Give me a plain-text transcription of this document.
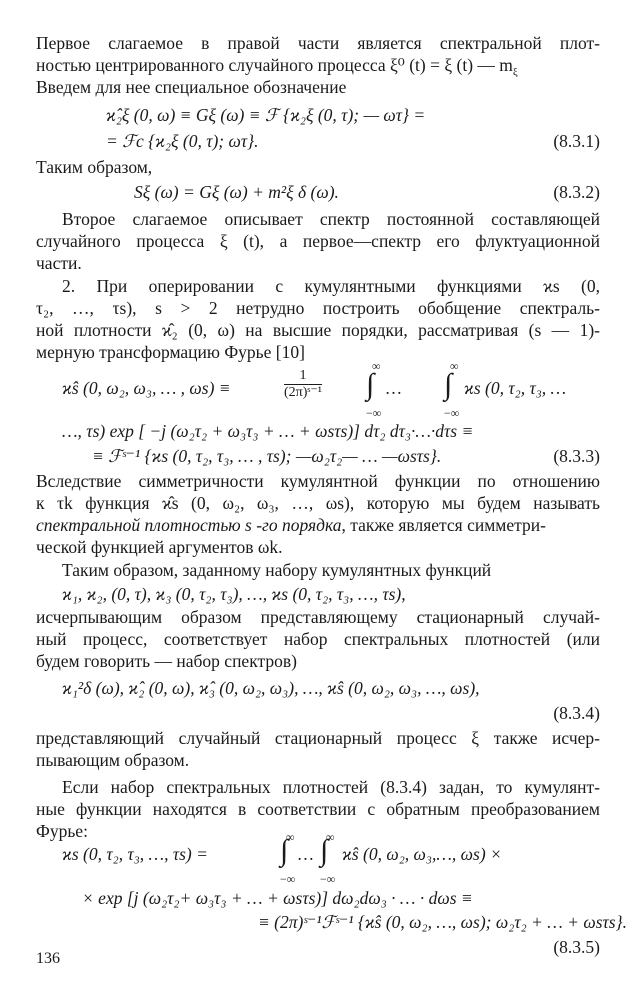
Первое слагаемое в правой части является спектральной плот-
ностью центрированного случайного процесса ξ⁰ (t) = ξ (t) — $m_\xi$
Введем для нее специальное обозначение
ϰ̂₂ξ (0, ω) ≡ Gξ (ω) ≡ ℱ {ϰ₂ξ (0, τ); — ωτ} =
= ℱc {ϰ₂ξ (0, τ); ωτ}.	(8.3.1)
Таким образом,
Sξ (ω) = Gξ (ω) + m²ξ δ (ω).	(8.3.2)
Второе слагаемое описывает спектр постоянной составляющей
случайного процесса ξ (t), а первое—спектр его флуктуационной
части.
2. При оперировании с кумулянтными функциями ϰs (0,
τ₂, …, τs), s > 2 нетрудно построить обобщение спектраль-
ной плотности ϰ̂₂ (0, ω) на высшие порядки, рассматривая (s — 1)-
мерную трансформацию Фурье [10]
ϰ̂s (0, ω₂, ω₃, … , ωs) ≡	$\frac{1}{\text{(2π)ˢ⁻¹}}$
∞
∫
−∞
…
∞
∫
−∞
ϰs (0, τ₂, τ₃, …
…, τs) exp [ −j (ω₂τ₂ + ω₃τ₃ + … + ωsτs)] dτ₂ dτ₃·…·dτs ≡
≡ ℱˢ⁻¹ {ϰs (0, τ₂, τ₃, … , τs); —ω₂τ₂— … —ωsτs}.	(8.3.3)
Вследствие симметричности кумулянтной функции по отношению
к τk функция ϰ̂s (0, ω₂, ω₃, …, ωs), которую мы будем называть
спектральной плотностью s -го порядка, также является симметри-
ческой функцией аргументов ωk.
Таким образом, заданному набору кумулянтных функций
ϰ₁, ϰ₂, (0, τ), ϰ₃ (0, τ₂, τ₃), …, ϰs (0, τ₂, τ₃, …, τs),
исчерпывающим образом представляющему стационарный случай-
ный процесс, соответствует набор спектральных плотностей (или
будем говорить — набор спектров)
ϰ₁²δ (ω), ϰ̂₂ (0, ω), ϰ̂₃ (0, ω₂, ω₃), …, ϰ̂s (0, ω₂, ω₃, …, ωs),
(8.3.4)
представляющий случайный стационарный процесс ξ также исчер-
пывающим образом.
Если набор спектральных плотностей (8.3.4) задан, то кумулянт-
ные функции находятся в соответствии с обратным преобразованием
Фурье:
ϰs (0, τ₂, τ₃, …, τs) =
∞
∫
−∞
…
∞
∫
−∞
ϰ̂s (0, ω₂, ω₃,…, ωs) ×
× exp [j (ω₂τ₂+ ω₃τ₃ + … + ωsτs)] dω₂dω₃ · … · dωs ≡
≡ (2π)ˢ⁻¹ℱˢ⁻¹ {ϰ̂s (0, ω₂, …, ωs); ω₂τ₂ + … + ωsτs}.
(8.3.5)
136
